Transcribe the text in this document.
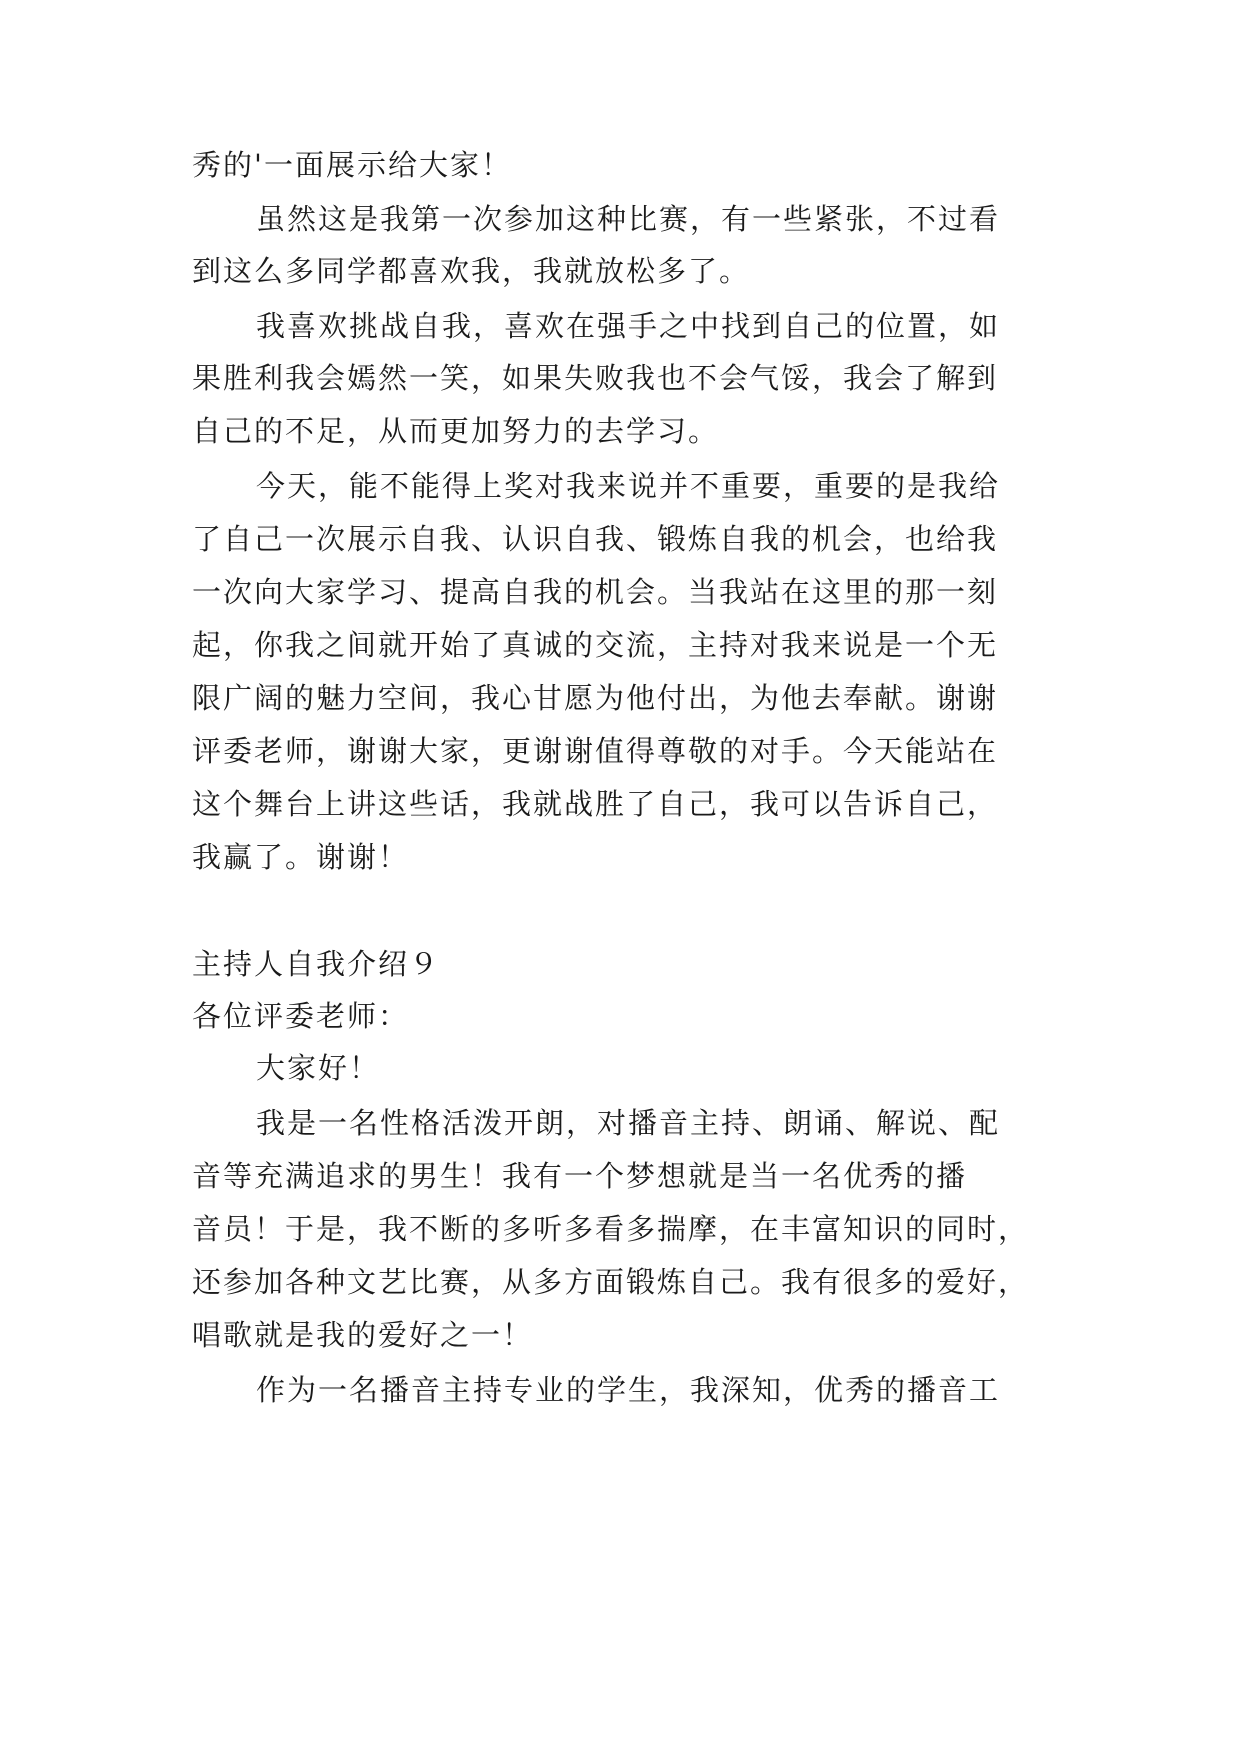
秀的'一面展示给大家！
虽然这是我第一次参加这种比赛，有一些紧张，不过看
到这么多同学都喜欢我，我就放松多了。
我喜欢挑战自我，喜欢在强手之中找到自己的位置，如
果胜利我会嫣然一笑，如果失败我也不会气馁，我会了解到
自己的不足，从而更加努力的去学习。
今天，能不能得上奖对我来说并不重要，重要的是我给
了自己一次展示自我、认识自我、锻炼自我的机会，也给我
一次向大家学习、提高自我的机会。当我站在这里的那一刻
起，你我之间就开始了真诚的交流，主持对我来说是一个无
限广阔的魅力空间，我心甘愿为他付出，为他去奉献。谢谢
评委老师，谢谢大家，更谢谢值得尊敬的对手。今天能站在
这个舞台上讲这些话，我就战胜了自己，我可以告诉自己，
我赢了。谢谢！
主持人自我介绍９
各位评委老师：
大家好！
我是一名性格活泼开朗，对播音主持、朗诵、解说、配
音等充满追求的男生！我有一个梦想就是当一名优秀的播
音员！于是，我不断的多听多看多揣摩，在丰富知识的同时，
还参加各种文艺比赛，从多方面锻炼自己。我有很多的爱好，
唱歌就是我的爱好之一！
作为一名播音主持专业的学生，我深知，优秀的播音工
